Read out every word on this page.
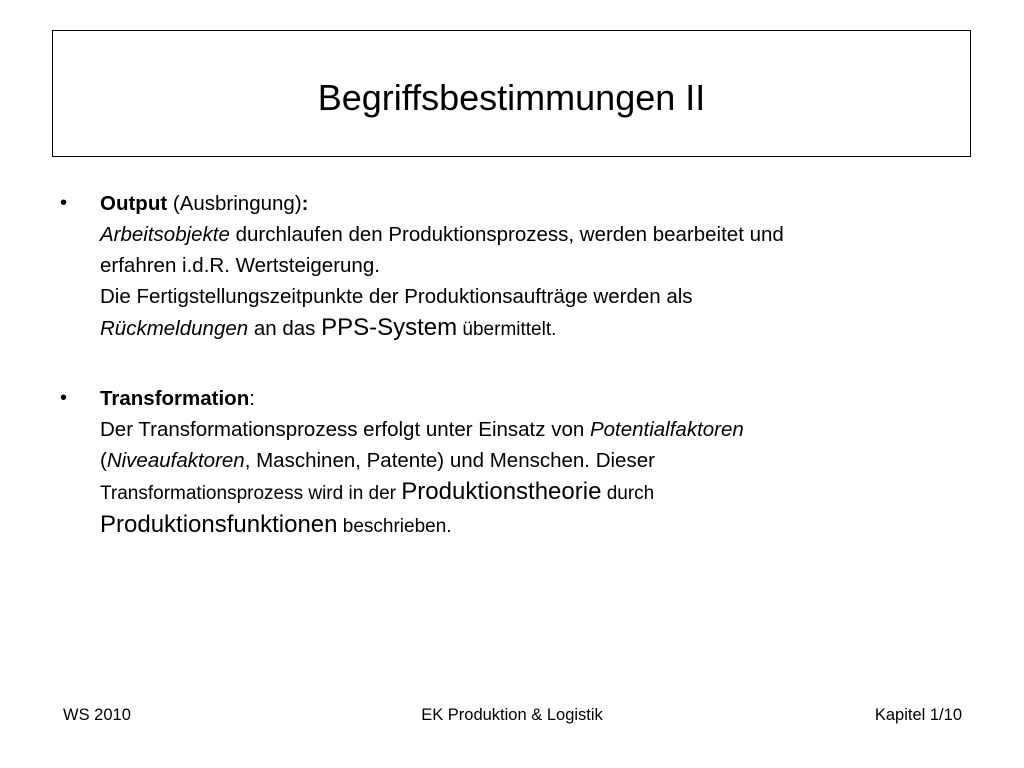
Begriffsbestimmungen II
• Output (Ausbringung):
Arbeitsobjekte durchlaufen den Produktionsprozess, werden bearbeitet und
erfahren i.d.R. Wertsteigerung.
Die Fertigstellungszeitpunkte der Produktionsaufträge werden als
Rückmeldungen an das PPS-System übermittelt.
• Transformation:
Der Transformationsprozess erfolgt unter Einsatz von Potentialfaktoren
(Niveaufaktoren, Maschinen, Patente) und Menschen. Dieser
Transformationsprozess wird in der Produktionstheorie durch
Produktionsfunktionen beschrieben.
WS 2010	EK Produktion & Logistik	Kapitel 1/10
